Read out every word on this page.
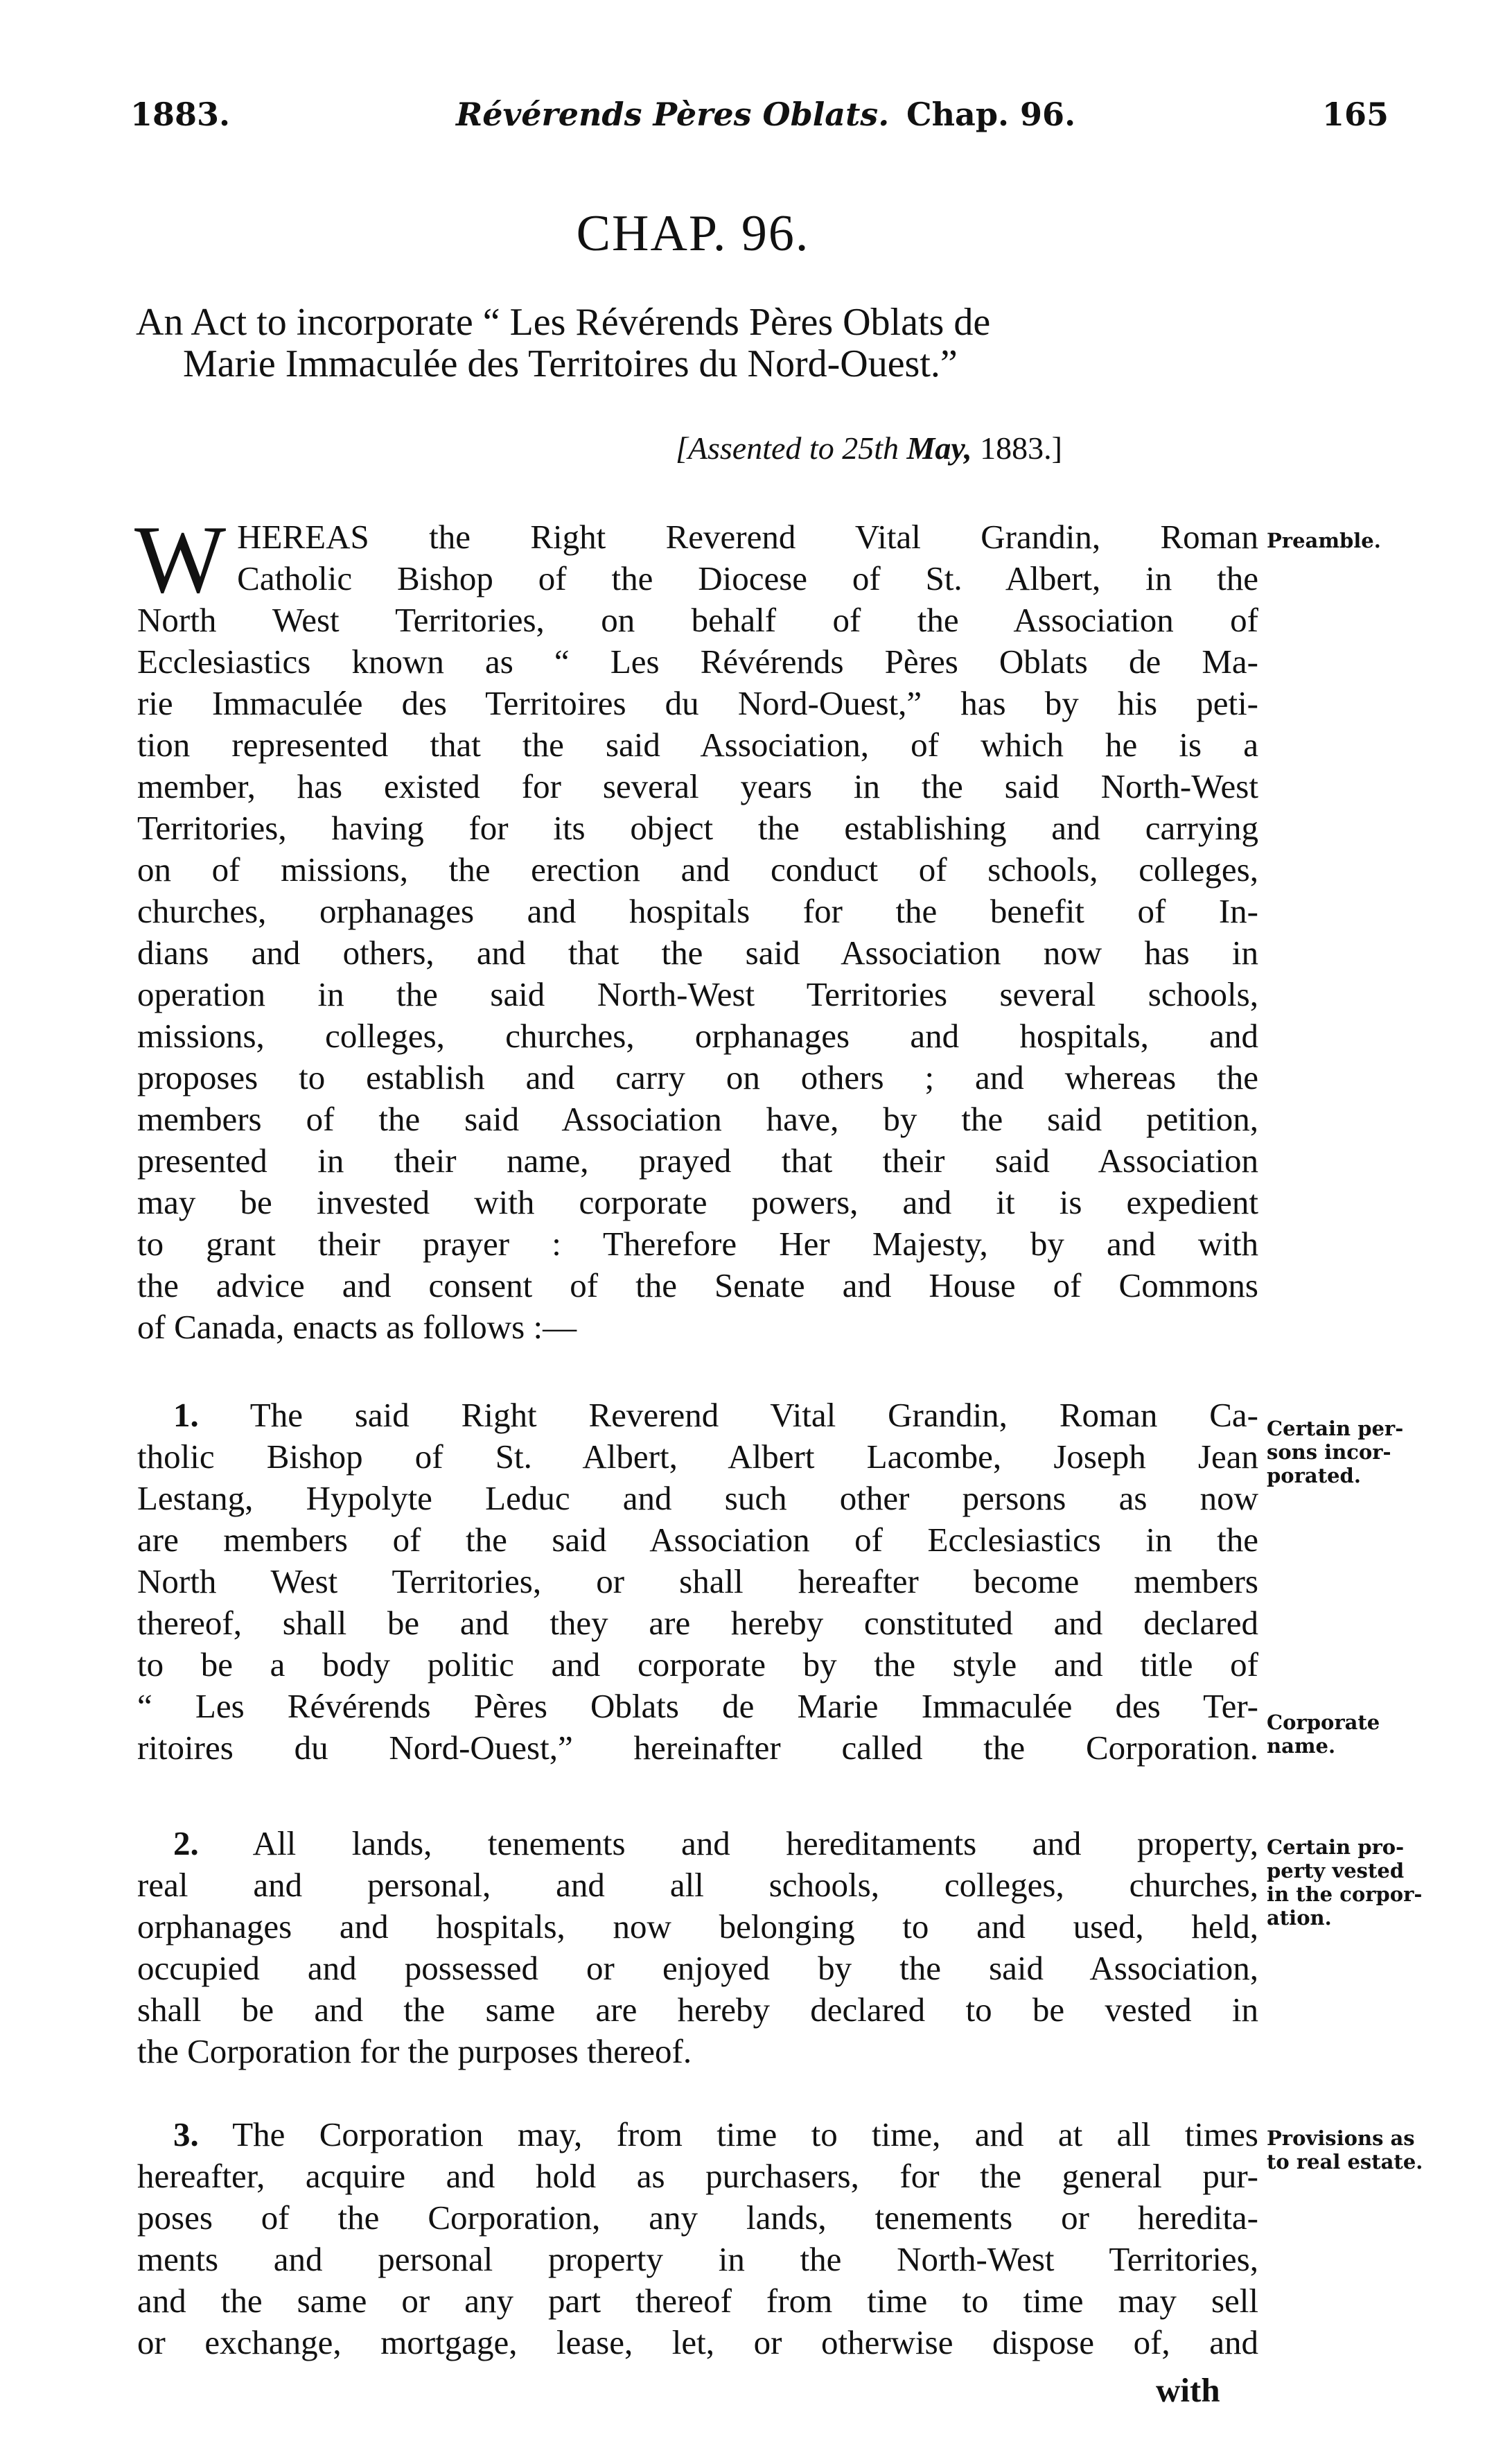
1883.	Révérends Pères Oblats. Chap. 96.	165
CHAP. 96.
An Act to incorporate “ Les Révérends Pères Oblats de
Marie Immaculée des Territoires du Nord-Ouest.”
[Assented to 25th May, 1883.]
W HEREAS the Right Reverend Vital Grandin, Roman
Catholic Bishop of the Diocese of St. Albert, in the
North West Territories, on behalf of the Association of
Ecclesiastics known as “ Les Révérends Pères Oblats de Ma-
rie Immaculée des Territoires du Nord-Ouest,” has by his peti-
tion represented that the said Association, of which he is a
member, has existed for several years in the said North-West
Territories, having for its object the establishing and carrying
on of missions, the erection and conduct of schools, colleges,
churches, orphanages and hospitals for the benefit of In-
dians and others, and that the said Association now has in
operation in the said North-West Territories several schools,
missions, colleges, churches, orphanages and hospitals, and
proposes to establish and carry on others ; and whereas the
members of the said Association have, by the said petition,
presented in their name, prayed that their said Association
may be invested with corporate powers, and it is expedient
to grant their prayer : Therefore Her Majesty, by and with
the advice and consent of the Senate and House of Commons
of Canada, enacts as follows :—
Preamble.
1. The said Right Reverend Vital Grandin, Roman Ca-
tholic Bishop of St. Albert, Albert Lacombe, Joseph Jean
Lestang, Hypolyte Leduc and such other persons as now
are members of the said Association of Ecclesiastics in the
North West Territories, or shall hereafter become members
thereof, shall be and they are hereby constituted and declared
to be a body politic and corporate by the style and title of
“ Les Révérends Pères Oblats de Marie Immaculée des Ter-
ritoires du Nord-Ouest,” hereinafter called the Corporation.
Certain per-
sons incor-
porated.
Corporate
name.
2. All lands, tenements and hereditaments and property,
real and personal, and all schools, colleges, churches,
orphanages and hospitals, now belonging to and used, held,
occupied and possessed or enjoyed by the said Association,
shall be and the same are hereby declared to be vested in
the Corporation for the purposes thereof.
Certain pro-
perty vested
in the corpor-
ation.
3. The Corporation may, from time to time, and at all times
hereafter, acquire and hold as purchasers, for the general pur-
poses of the Corporation, any lands, tenements or heredita-
ments and personal property in the North-West Territories,
and the same or any part thereof from time to time may sell
or exchange, mortgage, lease, let, or otherwise dispose of, and
Provisions as
to real estate.
with
